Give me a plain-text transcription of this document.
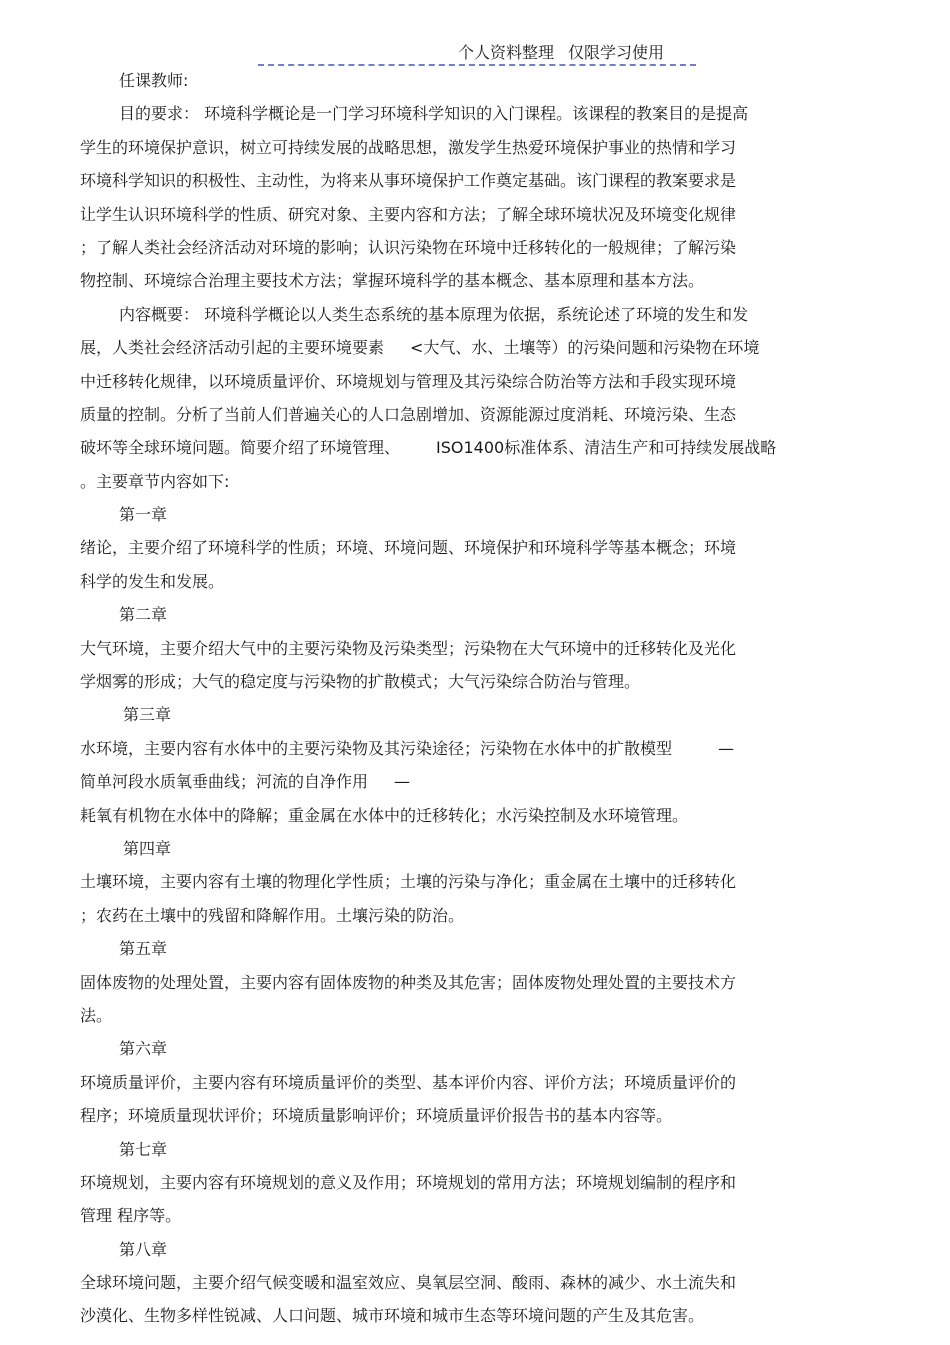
个人资料整理 仅限学习使用
任课教师:
目的要求： 环境科学概论是一门学习环境科学知识的入门课程。该课程的教案目的是提高
学生的环境保护意识，树立可持续发展的战略思想，激发学生热爱环境保护事业的热情和学习
环境科学知识的积极性、主动性，为将来从事环境保护工作奠定基础。该门课程的教案要求是
让学生认识环境科学的性质、研究对象、主要内容和方法；了解全球环境状况及环境变化规律
；了解人类社会经济活动对环境的影响；认识污染物在环境中迁移转化的一般规律；了解污染
物控制、环境综合治理主要技术方法；掌握环境科学的基本概念、基本原理和基本方法。
内容概要： 环境科学概论以人类生态系统的基本原理为依据，系统论述了环境的发生和发
展，人类社会经济活动引起的主要环境要素 <大气、水、土壤等）的污染问题和污染物在环境
中迁移转化规律，以环境质量评价、环境规划与管理及其污染综合防治等方法和手段实现环境
质量的控制。分析了当前人们普遍关心的人口急剧增加、资源能源过度消耗、环境污染、生态
破坏等全球环境问题。简要介绍了环境管理、 ISO1400标准体系、清洁生产和可持续发展战略
。主要章节内容如下:
第一章
绪论，主要介绍了环境科学的性质；环境、环境问题、环境保护和环境科学等基本概念；环境
科学的发生和发展。
第二章
大气环境，主要介绍大气中的主要污染物及污染类型；污染物在大气环境中的迁移转化及光化
学烟雾的形成；大气的稳定度与污染物的扩散模式；大气污染综合防治与管理。
第三章
水环境，主要内容有水体中的主要污染物及其污染途径；污染物在水体中的扩散模型	—
简单河段水质氧垂曲线；河流的自净作用 —
耗氧有机物在水体中的降解；重金属在水体中的迁移转化；水污染控制及水环境管理。
第四章
土壤环境，主要内容有土壤的物理化学性质；土壤的污染与净化；重金属在土壤中的迁移转化
；农药在土壤中的残留和降解作用。土壤污染的防治。
第五章
固体废物的处理处置，主要内容有固体废物的种类及其危害；固体废物处理处置的主要技术方
法。
第六章
环境质量评价，主要内容有环境质量评价的类型、基本评价内容、评价方法；环境质量评价的
程序；环境质量现状评价；环境质量影响评价；环境质量评价报告书的基本内容等。
第七章
环境规划，主要内容有环境规划的意义及作用；环境规划的常用方法；环境规划编制的程序和
管理 程序等。
第八章
全球环境问题，主要介绍气候变暖和温室效应、臭氧层空洞、酸雨、森林的减少、水土流失和
沙漠化、生物多样性锐减、人口问题、城市环境和城市生态等环境问题的产生及其危害。
